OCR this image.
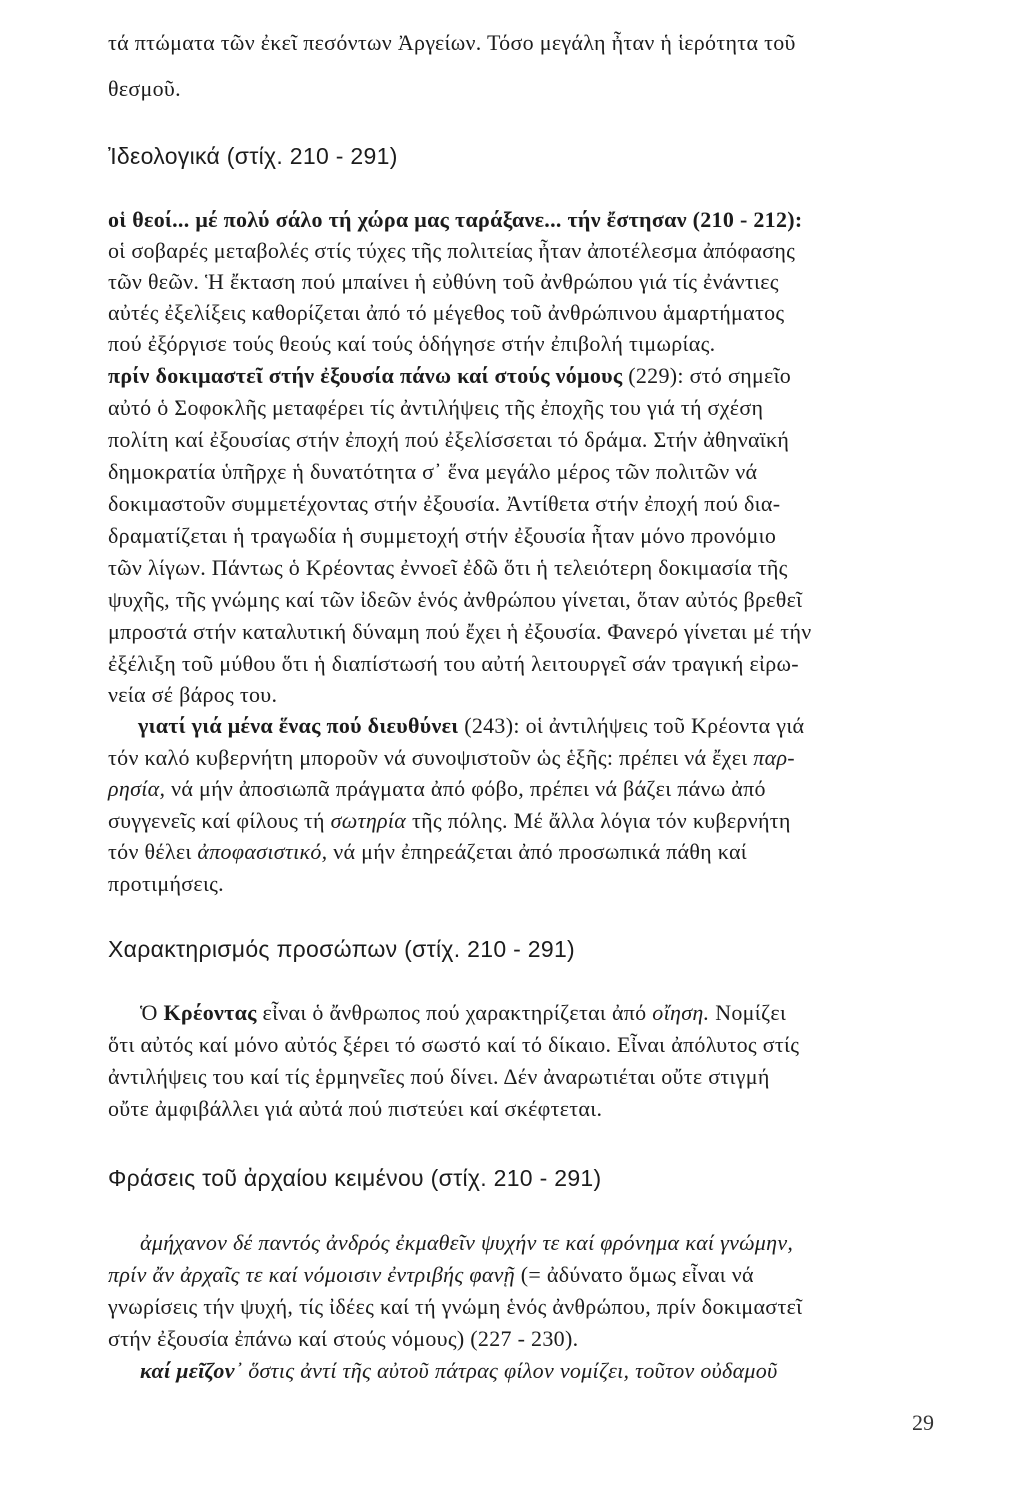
τά πτώματα τῶν ἐκεῖ πεσόντων Ἀργείων. Τόσο μεγάλη ἦταν ἡ ἱερότητα τοῦ
θεσμοῦ.
Ἰδεολογικά (στίχ. 210 - 291)
οἱ θεοί... μέ πολύ σάλο τή χώρα μας ταράξανε... τήν ἔστησαν (210 - 212):
οἱ σοβαρές μεταβολές στίς τύχες τῆς πολιτείας ἦταν ἀποτέλεσμα ἀπόφασης
τῶν θεῶν. Ἡ ἔκταση πού μπαίνει ἡ εὐθύνη τοῦ ἀνθρώπου γιά τίς ἐνάντιες
αὐτές ἐξελίξεις καθορίζεται ἀπό τό μέγεθος τοῦ ἀνθρώπινου ἁμαρτήματος
πού ἐξόργισε τούς θεούς καί τούς ὁδήγησε στήν ἐπιβολή τιμωρίας.
πρίν δοκιμαστεῖ στήν ἐξουσία πάνω καί στούς νόμους (229): στό σημεῖο
αὐτό ὁ Σοφοκλῆς μεταφέρει τίς ἀντιλήψεις τῆς ἐποχῆς του γιά τή σχέση
πολίτη καί ἐξουσίας στήν ἐποχή πού ἐξελίσσεται τό δράμα. Στήν ἀθηναϊκή
δημοκρατία ὑπῆρχε ἡ δυνατότητα σ᾽ ἕνα μεγάλο μέρος τῶν πολιτῶν νά
δοκιμαστοῦν συμμετέχοντας στήν ἐξουσία. Ἀντίθετα στήν ἐποχή πού δια-
δραματίζεται ἡ τραγωδία ἡ συμμετοχή στήν ἐξουσία ἦταν μόνο προνόμιο
τῶν λίγων. Πάντως ὁ Κρέοντας ἐννοεῖ ἐδῶ ὅτι ἡ τελειότερη δοκιμασία τῆς
ψυχῆς, τῆς γνώμης καί τῶν ἰδεῶν ἑνός ἀνθρώπου γίνεται, ὅταν αὐτός βρεθεῖ
μπροστά στήν καταλυτική δύναμη πού ἔχει ἡ ἐξουσία. Φανερό γίνεται μέ τήν
ἐξέλιξη τοῦ μύθου ὅτι ἡ διαπίστωσή του αὐτή λειτουργεῖ σάν τραγική εἰρω-
νεία σέ βάρος του.
γιατί γιά μένα ἕνας πού διευθύνει (243): οἱ ἀντιλήψεις τοῦ Κρέοντα γιά
τόν καλό κυβερνήτη μποροῦν νά συνοψιστοῦν ὡς ἑξῆς: πρέπει νά ἔχει παρ-
ρησία, νά μήν ἀποσιωπᾶ πράγματα ἀπό φόβο, πρέπει νά βάζει πάνω ἀπό
συγγενεῖς καί φίλους τή σωτηρία τῆς πόλης. Μέ ἄλλα λόγια τόν κυβερνήτη
τόν θέλει ἀποφασιστικό, νά μήν ἐπηρεάζεται ἀπό προσωπικά πάθη καί
προτιμήσεις.
Χαρακτηρισμός προσώπων (στίχ. 210 - 291)
Ὁ Κρέοντας εἶναι ὁ ἄνθρωπος πού χαρακτηρίζεται ἀπό οἴηση. Νομίζει
ὅτι αὐτός καί μόνο αὐτός ξέρει τό σωστό καί τό δίκαιο. Εἶναι ἀπόλυτος στίς
ἀντιλήψεις του καί τίς ἑρμηνεῖες πού δίνει. Δέν ἀναρωτιέται οὔτε στιγμή
οὔτε ἀμφιβάλλει γιά αὐτά πού πιστεύει καί σκέφτεται.
Φράσεις τοῦ ἀρχαίου κειμένου (στίχ. 210 - 291)
ἀμήχανον δέ παντός ἀνδρός ἐκμαθεῖν ψυχήν τε καί φρόνημα καί γνώμην,
πρίν ἄν ἀρχαῖς τε καί νόμοισιν ἐντριβής φανῇ (= ἀδύνατο ὅμως εἶναι νά
γνωρίσεις τήν ψυχή, τίς ἰδέες καί τή γνώμη ἑνός ἀνθρώπου, πρίν δοκιμαστεῖ
στήν ἐξουσία ἐπάνω καί στούς νόμους) (227 - 230).
καί μεῖζον᾽ ὅστις ἀντί τῆς αὐτοῦ πάτρας φίλον νομίζει, τοῦτον οὐδαμοῦ
29
